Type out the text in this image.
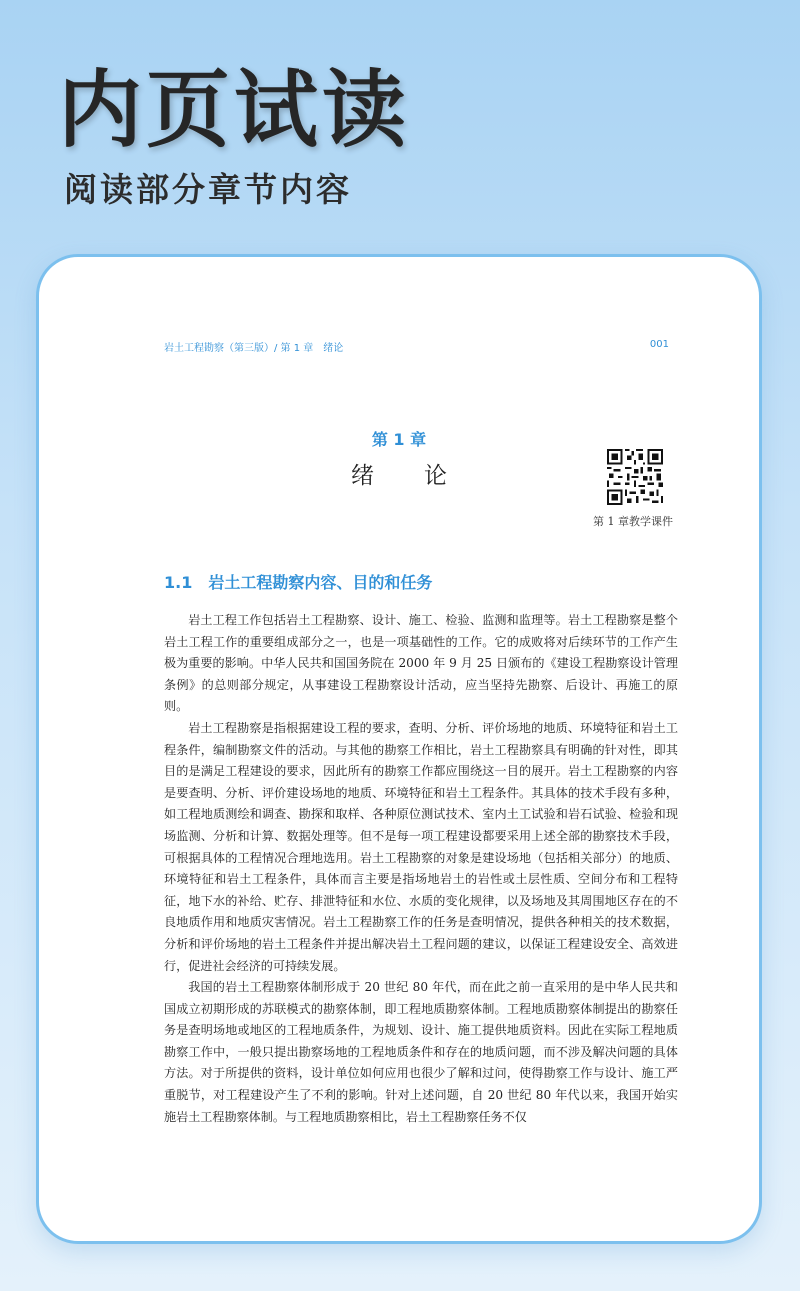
内页试读
阅读部分章节内容
岩土工程勘察（第三版）/ 第 1 章　绪论	001
第 1 章
绪论
第 1 章教学课件
1.1 岩土工程勘察内容、目的和任务

岩土工程工作包括岩土工程勘察、设计、施工、检验、监测和监理等。岩土工程勘察是整个岩土工程工作的重要组成部分之一，也是一项基础性的工作。它的成败将对后续环节的工作产生极为重要的影响。中华人民共和国国务院在 2000 年 9 月 25 日颁布的《建设工程勘察设计管理条例》的总则部分规定，从事建设工程勘察设计活动，应当坚持先勘察、后设计、再施工的原则。

岩土工程勘察是指根据建设工程的要求，查明、分析、评价场地的地质、环境特征和岩土工程条件，编制勘察文件的活动。与其他的勘察工作相比，岩土工程勘察具有明确的针对性，即其目的是满足工程建设的要求，因此所有的勘察工作都应围绕这一目的展开。岩土工程勘察的内容是要查明、分析、评价建设场地的地质、环境特征和岩土工程条件。其具体的技术手段有多种，如工程地质测绘和调查、勘探和取样、各种原位测试技术、室内土工试验和岩石试验、检验和现场监测、分析和计算、数据处理等。但不是每一项工程建设都要采用上述全部的勘察技术手段，可根据具体的工程情况合理地选用。岩土工程勘察的对象是建设场地（包括相关部分）的地质、环境特征和岩土工程条件，具体而言主要是指场地岩土的岩性或土层性质、空间分布和工程特征，地下水的补给、贮存、排泄特征和水位、水质的变化规律，以及场地及其周围地区存在的不良地质作用和地质灾害情况。岩土工程勘察工作的任务是查明情况，提供各种相关的技术数据，分析和评价场地的岩土工程条件并提出解决岩土工程问题的建议，以保证工程建设安全、高效进行，促进社会经济的可持续发展。

我国的岩土工程勘察体制形成于 20 世纪 80 年代，而在此之前一直采用的是中华人民共和国成立初期形成的苏联模式的勘察体制，即工程地质勘察体制。工程地质勘察体制提出的勘察任务是查明场地或地区的工程地质条件，为规划、设计、施工提供地质资料。因此在实际工程地质勘察工作中，一般只提出勘察场地的工程地质条件和存在的地质问题，而不涉及解决问题的具体方法。对于所提供的资料，设计单位如何应用也很少了解和过问，使得勘察工作与设计、施工严重脱节，对工程建设产生了不利的影响。针对上述问题，自 20 世纪 80 年代以来，我国开始实施岩土工程勘察体制。与工程地质勘察相比，岩土工程勘察任务不仅
